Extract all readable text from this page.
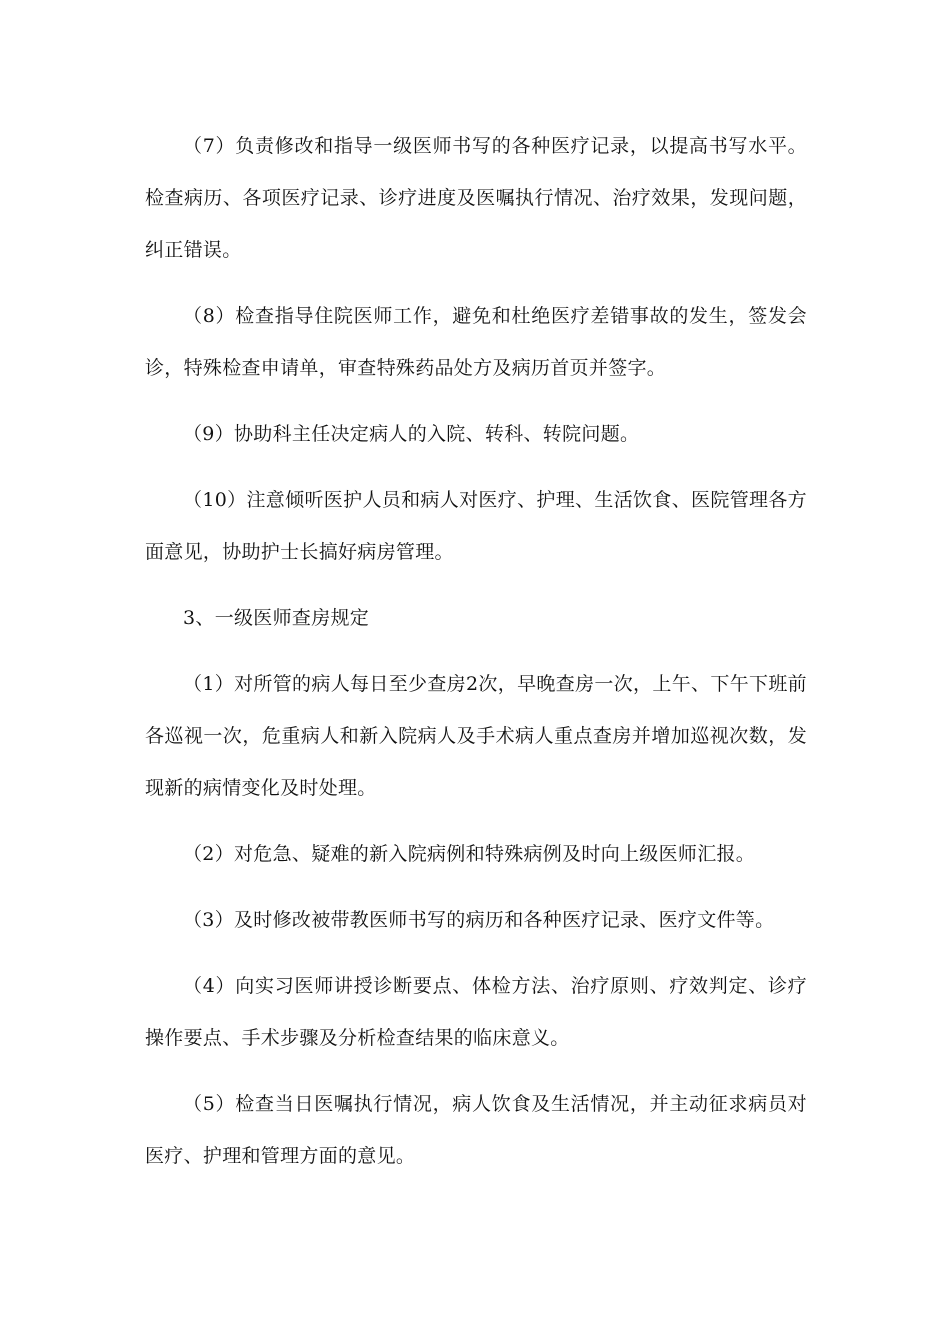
（7）负责修改和指导一级医师书写的各种医疗记录，以提高书写水平。检查病历、各项医疗记录、诊疗进度及医嘱执行情况、治疗效果，发现问题，纠正错误。

（8）检查指导住院医师工作，避免和杜绝医疗差错事故的发生，签发会诊，特殊检查申请单，审查特殊药品处方及病历首页并签字。

（9）协助科主任决定病人的入院、转科、转院问题。

（10）注意倾听医护人员和病人对医疗、护理、生活饮食、医院管理各方面意见，协助护士长搞好病房管理。

3、一级医师查房规定

（1）对所管的病人每日至少查房2次，早晚查房一次，上午、下午下班前各巡视一次，危重病人和新入院病人及手术病人重点查房并增加巡视次数，发现新的病情变化及时处理。

（2）对危急、疑难的新入院病例和特殊病例及时向上级医师汇报。

（3）及时修改被带教医师书写的病历和各种医疗记录、医疗文件等。

（4）向实习医师讲授诊断要点、体检方法、治疗原则、疗效判定、诊疗操作要点、手术步骤及分析检查结果的临床意义。

（5）检查当日医嘱执行情况，病人饮食及生活情况，并主动征求病员对医疗、护理和管理方面的意见。
